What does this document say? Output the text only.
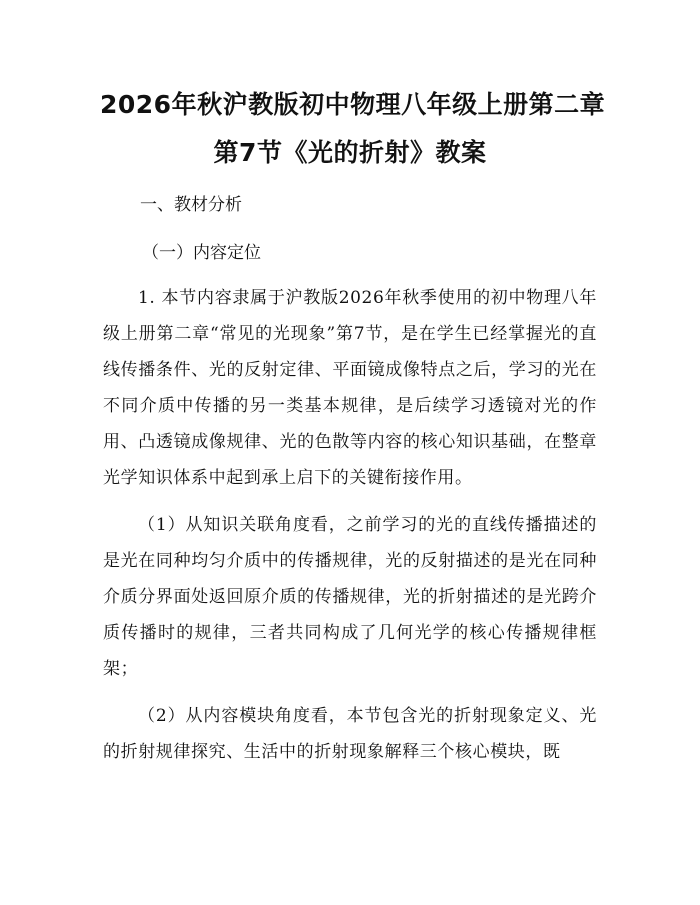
2026年秋沪教版初中物理八年级上册第二章
第7节《光的折射》教案

一、教材分析

（一）内容定位

1. 本节内容隶属于沪教版2026年秋季使用的初中物理八年级上册第二章“常见的光现象”第7节，是在学生已经掌握光的直线传播条件、光的反射定律、平面镜成像特点之后，学习的光在不同介质中传播的另一类基本规律，是后续学习透镜对光的作用、凸透镜成像规律、光的色散等内容的核心知识基础，在整章光学知识体系中起到承上启下的关键衔接作用。

（1）从知识关联角度看，之前学习的光的直线传播描述的是光在同种均匀介质中的传播规律，光的反射描述的是光在同种介质分界面处返回原介质的传播规律，光的折射描述的是光跨介质传播时的规律，三者共同构成了几何光学的核心传播规律框架；

（2）从内容模块角度看，本节包含光的折射现象定义、光的折射规律探究、生活中的折射现象解释三个核心模块，既
